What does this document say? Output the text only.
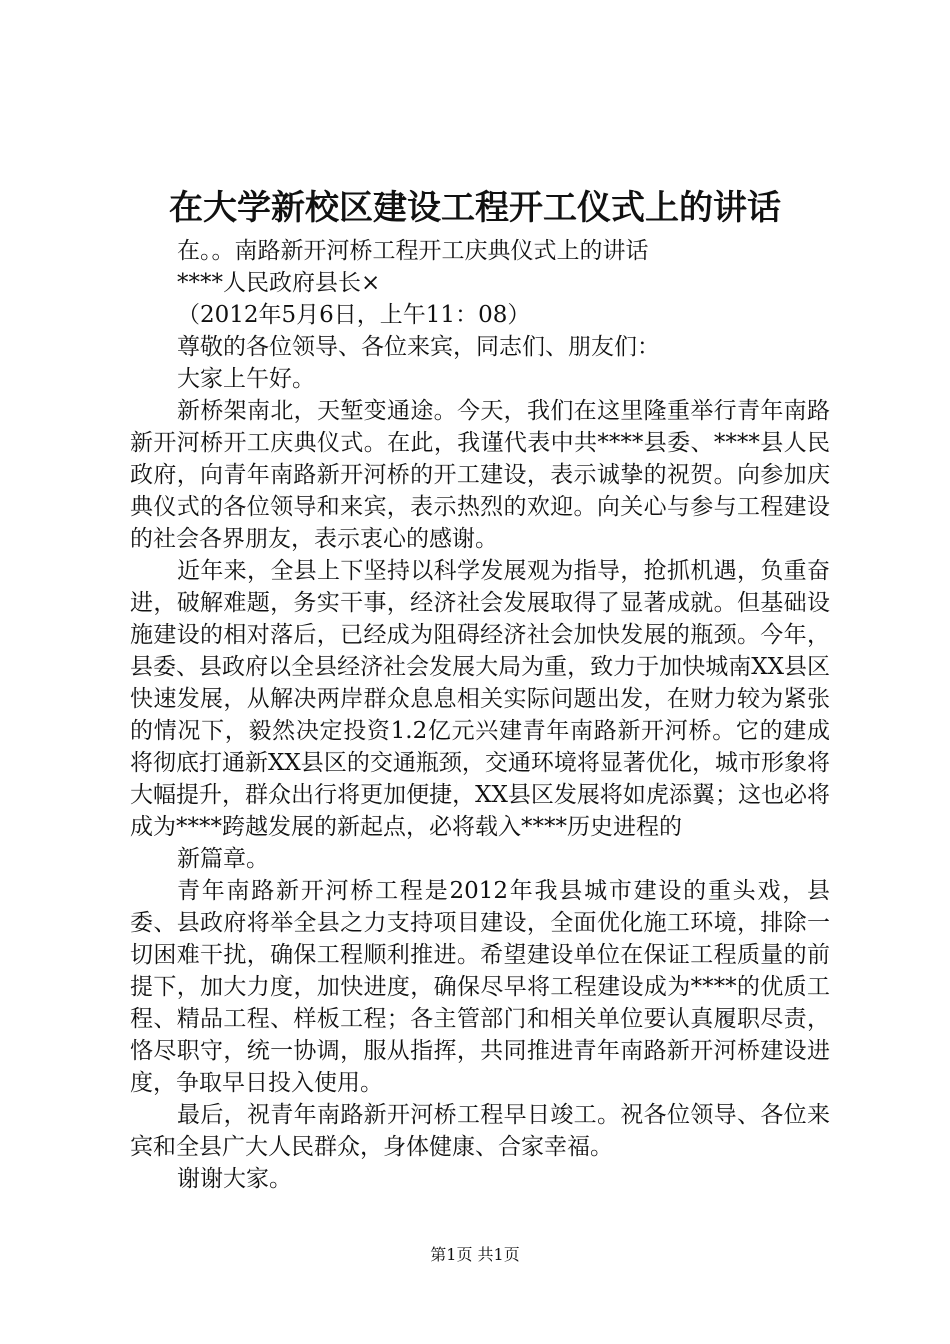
在大学新校区建设工程开工仪式上的讲话

在。。南路新开河桥工程开工庆典仪式上的讲话

****人民政府县长×

（2012年5月6日，上午11：08）

尊敬的各位领导、各位来宾，同志们、朋友们：

大家上午好。

新桥架南北，天堑变通途。今天，我们在这里隆重举行青年南路新开河桥开工庆典仪式。在此，我谨代表中共****县委、****县人民政府，向青年南路新开河桥的开工建设，表示诚挚的祝贺。向参加庆典仪式的各位领导和来宾，表示热烈的欢迎。向关心与参与工程建设的社会各界朋友，表示衷心的感谢。

近年来，全县上下坚持以科学发展观为指导，抢抓机遇，负重奋进，破解难题，务实干事，经济社会发展取得了显著成就。但基础设施建设的相对落后，已经成为阻碍经济社会加快发展的瓶颈。今年，县委、县政府以全县经济社会发展大局为重，致力于加快城南XX县区快速发展，从解决两岸群众息息相关实际问题出发，在财力较为紧张的情况下，毅然决定投资1.2亿元兴建青年南路新开河桥。它的建成将彻底打通新XX县区的交通瓶颈，交通环境将显著优化，城市形象将大幅提升，群众出行将更加便捷，XX县区发展将如虎添翼；这也必将成为****跨越发展的新起点，必将载入****历史进程的

新篇章。

青年南路新开河桥工程是2012年我县城市建设的重头戏，县委、县政府将举全县之力支持项目建设，全面优化施工环境，排除一切困难干扰，确保工程顺利推进。希望建设单位在保证工程质量的前提下，加大力度，加快进度，确保尽早将工程建设成为****的优质工程、精品工程、样板工程；各主管部门和相关单位要认真履职尽责，恪尽职守，统一协调，服从指挥，共同推进青年南路新开河桥建设进度，争取早日投入使用。

最后，祝青年南路新开河桥工程早日竣工。祝各位领导、各位来宾和全县广大人民群众，身体健康、合家幸福。

谢谢大家。

第1页 共1页
